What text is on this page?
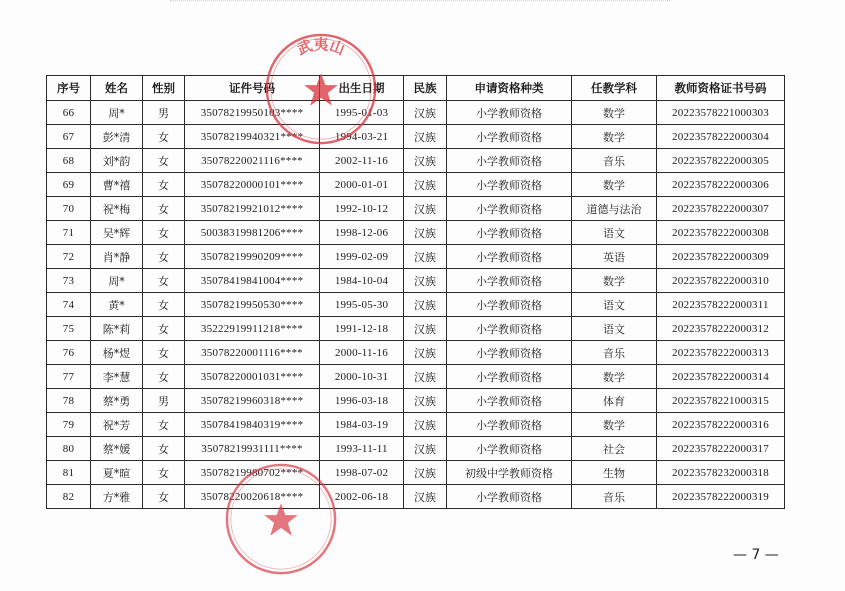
序号	姓名	性别	证件号码	出生日期	民族	申请资格种类	任教学科	教师资格证书号码
66	周*	男	35078219950103****	1995-01-03	汉族	小学教师资格	数学	20223578221000303
67	彭*清	女	35078219940321****	1994-03-21	汉族	小学教师资格	数学	20223578222000304
68	刘*韵	女	35078220021116****	2002-11-16	汉族	小学教师资格	音乐	20223578222000305
69	曹*禧	女	35078220000101****	2000-01-01	汉族	小学教师资格	数学	20223578222000306
70	祝*梅	女	35078219921012****	1992-10-12	汉族	小学教师资格	道德与法治	20223578222000307
71	吴*辉	女	50038319981206****	1998-12-06	汉族	小学教师资格	语文	20223578222000308
72	肖*静	女	35078219990209****	1999-02-09	汉族	小学教师资格	英语	20223578222000309
73	周*	女	35078419841004****	1984-10-04	汉族	小学教师资格	数学	20223578222000310
74	黄*	女	35078219950530****	1995-05-30	汉族	小学教师资格	语文	20223578222000311
75	陈*莉	女	35222919911218****	1991-12-18	汉族	小学教师资格	语文	20223578222000312
76	杨*煜	女	35078220001116****	2000-11-16	汉族	小学教师资格	音乐	20223578222000313
77	李*慧	女	35078220001031****	2000-10-31	汉族	小学教师资格	数学	20223578222000314
78	蔡*勇	男	35078219960318****	1996-03-18	汉族	小学教师资格	体育	20223578221000315
79	祝*芳	女	35078419840319****	1984-03-19	汉族	小学教师资格	数学	20223578222000316
80	蔡*媛	女	35078219931111****	1993-11-11	汉族	小学教师资格	社会	20223578222000317
81	夏*暄	女	35078219980702****	1998-07-02	汉族	初级中学教师资格	生物	20223578232000318
82	方*雅	女	35078220020618****	2002-06-18	汉族	小学教师资格	音乐	20223578222000319
武夷山
— 7 —
